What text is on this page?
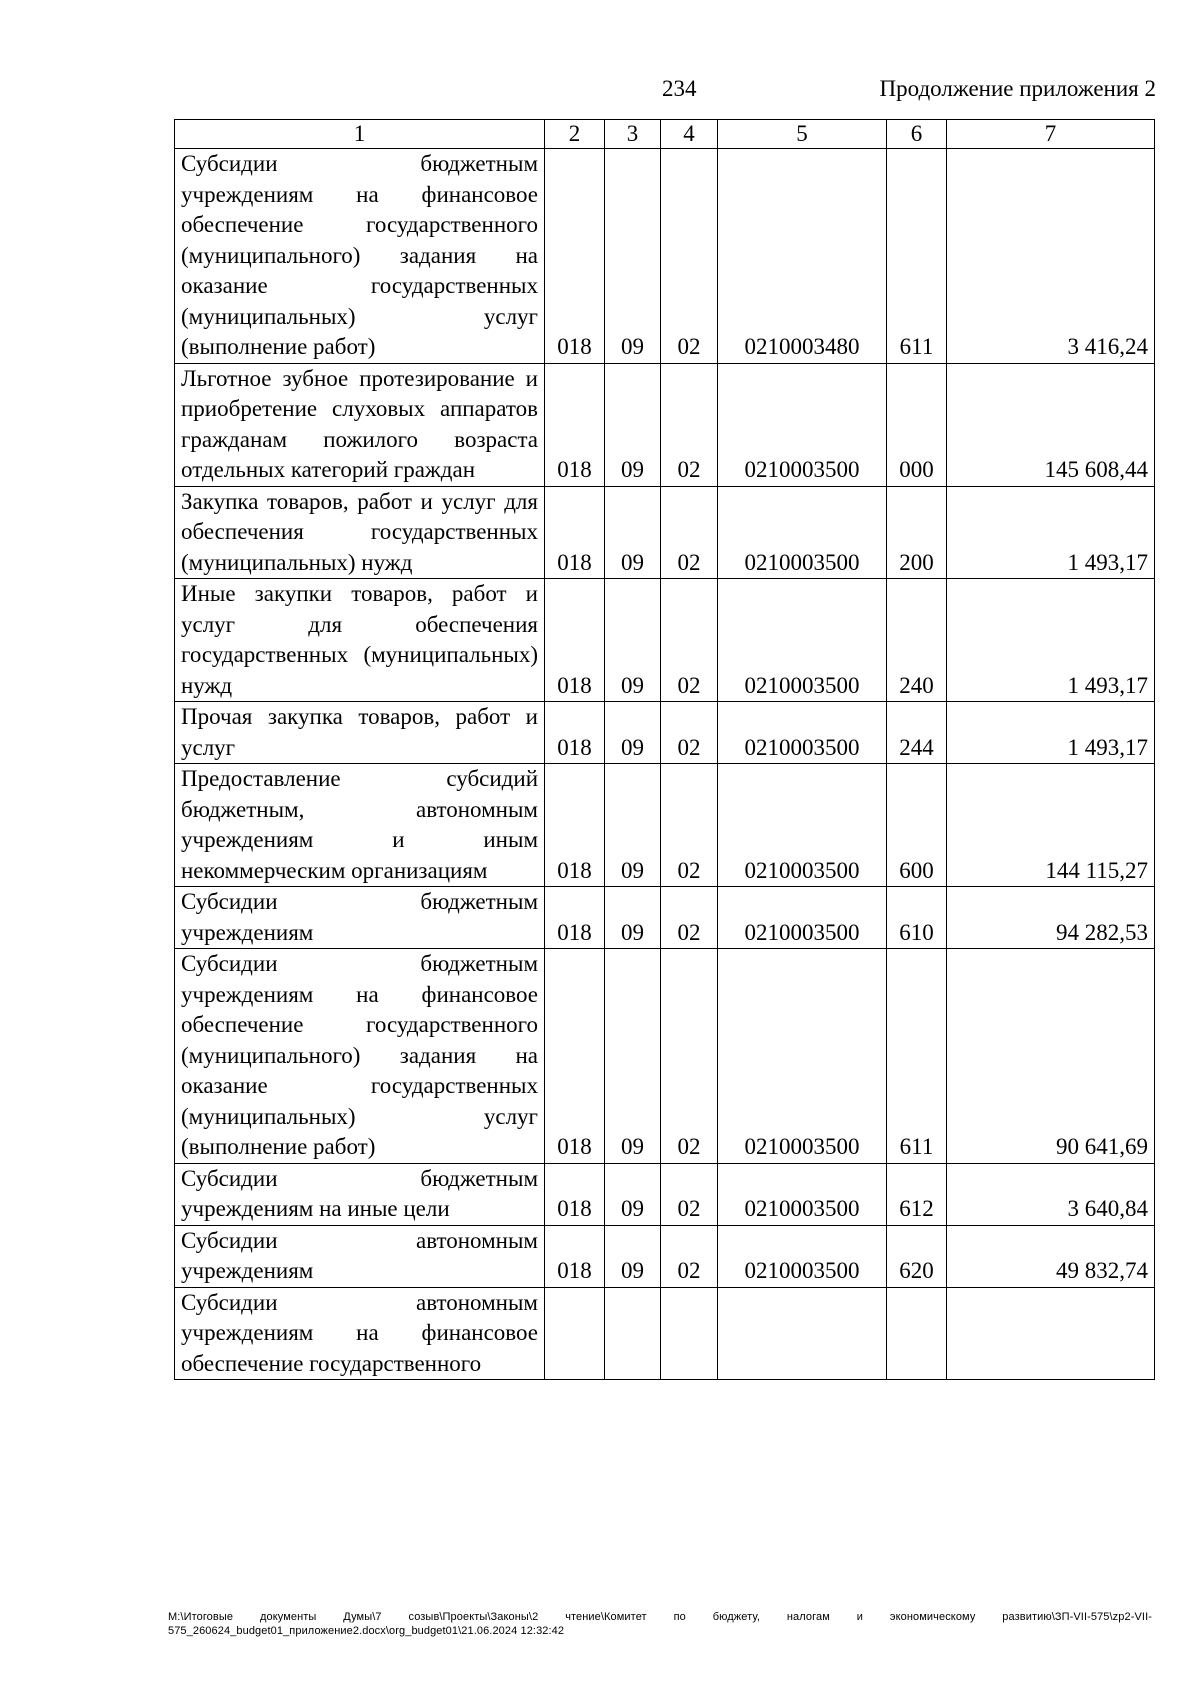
234	Продолжение приложения 2
1	2	3	4	5	6	7
Субсидии бюджетным учреждениям на финансовое обеспечение государственного (муниципального) задания на оказание государственных (муниципальных) услуг (выполнение работ)	018	09	02	0210003480	611	3 416,24
Льготное зубное протезирование и приобретение слуховых аппаратов гражданам пожилого возраста отдельных категорий граждан	018	09	02	0210003500	000	145 608,44
Закупка товаров, работ и услуг для обеспечения государственных (муниципальных) нужд	018	09	02	0210003500	200	1 493,17
Иные закупки товаров, работ и услуг для обеспечения государственных (муниципальных) нужд	018	09	02	0210003500	240	1 493,17
Прочая закупка товаров, работ и услуг	018	09	02	0210003500	244	1 493,17
Предоставление субсидий бюджетным, автономным учреждениям и иным некоммерческим организациям	018	09	02	0210003500	600	144 115,27
Субсидии бюджетным учреждениям	018	09	02	0210003500	610	94 282,53
Субсидии бюджетным учреждениям на финансовое обеспечение государственного (муниципального) задания на оказание государственных (муниципальных) услуг (выполнение работ)	018	09	02	0210003500	611	90 641,69
Субсидии бюджетным учреждениям на иные цели	018	09	02	0210003500	612	3 640,84
Субсидии автономным учреждениям	018	09	02	0210003500	620	49 832,74
Субсидии автономным учреждениям на финансовое обеспечение государственного						
M:\Итоговые документы Думы\7 созыв\Проекты\Законы\2 чтение\Комитет по бюджету, налогам и экономическому развитию\ЗП-VII-575\zp2-VII-575_260624_budget01_приложение2.docx\org_budget01\21.06.2024 12:32:42
